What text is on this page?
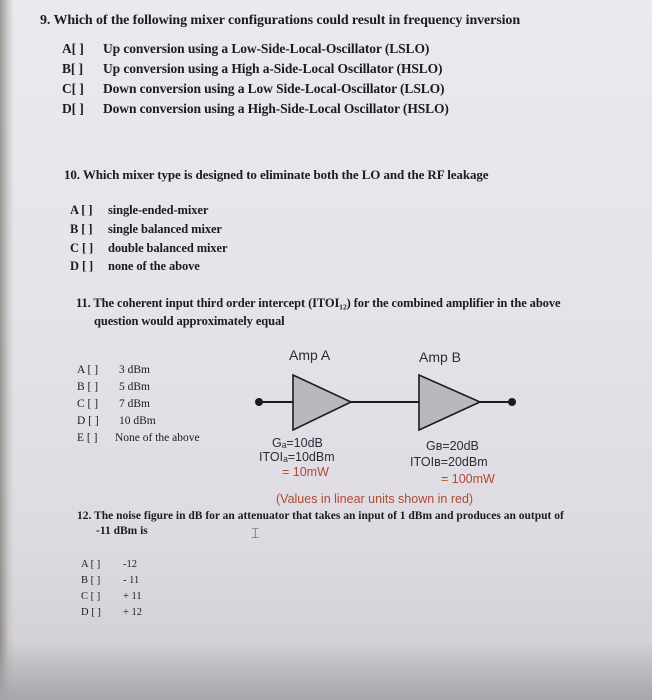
9. Which of the following mixer configurations could result in frequency inversion
A[ ] Up conversion using a Low-Side-Local-Oscillator (LSLO)
B[ ] Up conversion using a High a-Side-Local Oscillator (HSLO)
C[ ] Down conversion using a Low Side-Local-Oscillator (LSLO)
D[ ] Down conversion using a High-Side-Local Oscillator (HSLO)
10. Which mixer type is designed to eliminate both the LO and the RF leakage
A [ ] single-ended-mixer
B [ ] single balanced mixer
C [ ] double balanced mixer
D [ ] none of the above
11. The coherent input third order intercept (ITOI₁₂) for the combined amplifier in the above
question would approximately equal
A [ ] 3 dBm
B [ ] 5 dBm
C [ ] 7 dBm
D [ ] 10 dBm
E [ ] None of the above
Amp A	Amp B
Gₐ=10dB
ITOIₐ=10dBm
= 10mW
Gʙ=20dB
ITOIʙ=20dBm
= 100mW
(Values in linear units shown in red)
12. The noise figure in dB for an attenuator that takes an input of 1 dBm and produces an output of
-11 dBm is	⌶
A [ ] -12
B [ ] - 11
C [ ] + 11
D [ ] + 12
